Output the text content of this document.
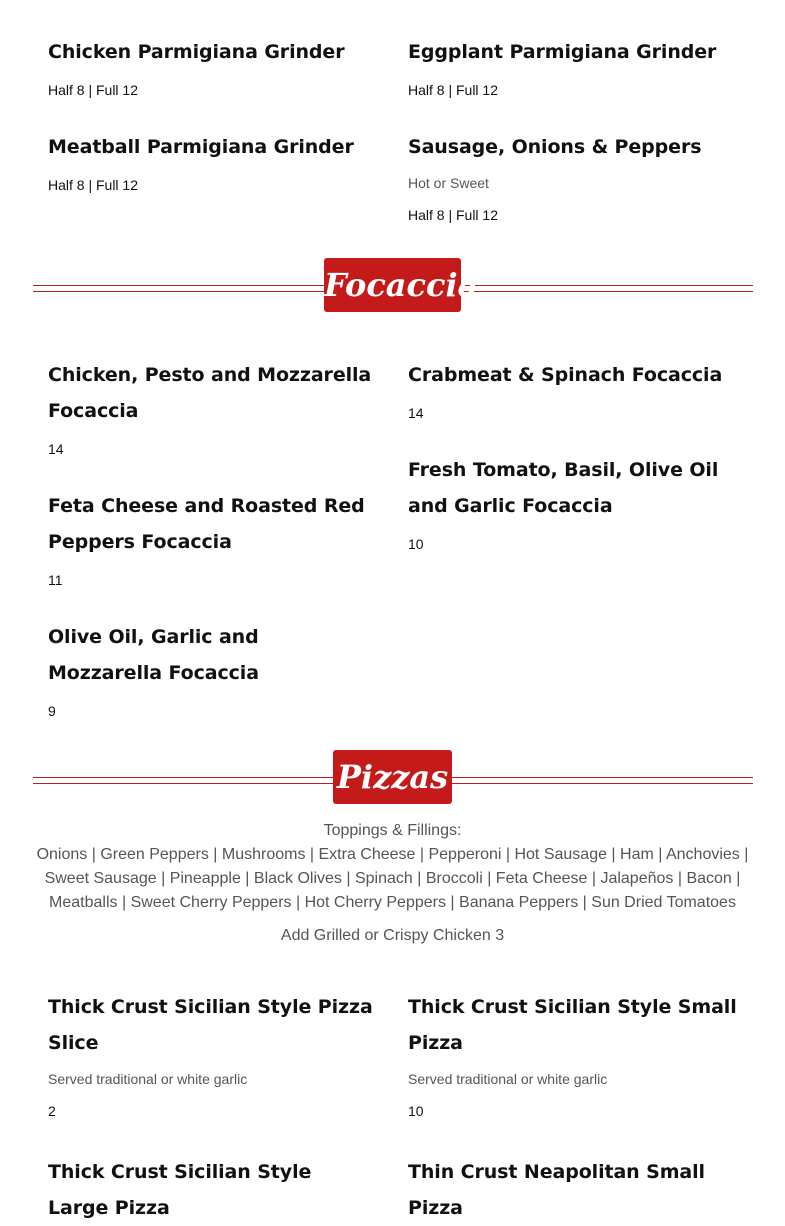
Chicken Parmigiana Grinder
Half 8 | Full 12
Eggplant Parmigiana Grinder
Half 8 | Full 12
Meatball Parmigiana Grinder
Half 8 | Full 12
Sausage, Onions & Peppers
Hot or Sweet
Half 8 | Full 12
Focaccia
Chicken, Pesto and Mozzarella Focaccia
14
Crabmeat & Spinach Focaccia
14
Fresh Tomato, Basil, Olive Oil and Garlic Focaccia
10
Feta Cheese and Roasted Red Peppers Focaccia
11
Olive Oil, Garlic and Mozzarella Focaccia
9
Pizzas
Toppings & Fillings:
Onions | Green Peppers | Mushrooms | Extra Cheese | Pepperoni | Hot Sausage | Ham | Anchovies | Sweet Sausage | Pineapple | Black Olives | Spinach | Broccoli | Feta Cheese | Jalapeños | Bacon | Meatballs | Sweet Cherry Peppers | Hot Cherry Peppers | Banana Peppers | Sun Dried Tomatoes
Add Grilled or Crispy Chicken 3
Thick Crust Sicilian Style Pizza Slice
Served traditional or white garlic
2
Thick Crust Sicilian Style Small Pizza
Served traditional or white garlic
10
Thick Crust Sicilian Style Large Pizza
Thin Crust Neapolitan Small Pizza
